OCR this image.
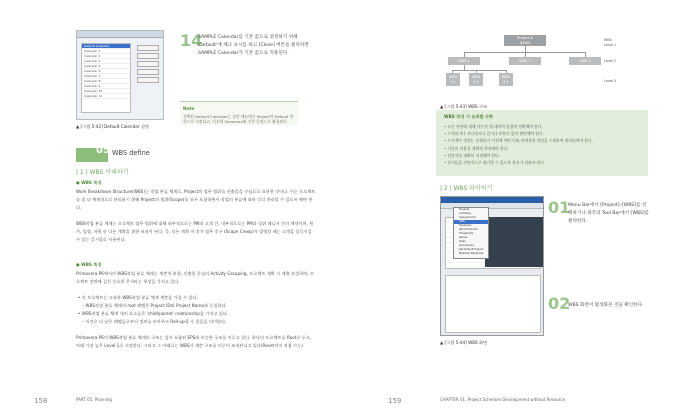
Default Calendar
Calendar 2
Calendar 3
Calendar 4
Calendar 5
Calendar 6
Calendar 7
Calendar 8
Calendar 9
Calendar 10
Calendar 11
▲ [그림 5-42] Default Calendar 설정
14
SAMPLE Calendar를 기본 값으로 설정하기 위해 'Default'에 체크 표시를 하고 [Close] 버튼을 클릭하면 SAMPLE Calendar가 기본 값으로 적용된다.
Note
선택된 Default Calendar는 상단 메뉴에서 Project의 Default 항목으로 지정되고, 이후에 Summary와 기본 일정으로 활용된다.
05 WBS define
| 1 | WBS 이해하기
● WBS 특성
Work Breakdown Structure(WBS)는 작업 분류 체계로, Project의 업무 범위를 산출물을 중심으로 표현한 것이다. 이는 프로젝트를 좀 더 체계적으로 관리하기 위해 Project의 범위(Scope)를 모두 포함하면서 작업의 분류에 따라 각각 관리할 수 있도록 해야 한다.
WBS작업 분류 체계는 프로젝트 업무 범위에 대해 외부적으로는 PM과 고객 간, 내부적으로는 PM과 상위 레니저 간의 계약이며, 원가, 일정, 자원 등 다른 계획을 위한 조직이 된다. 즉, 모든 계획 이 후가 업무 후구 (Scope Creep)가 발생할 때는 고객을 설득시킬 수 있는 증거물로 사용된다.
● WBS 특징
Primavera P6에서의 WBS작업 분류 체계는 계층적 분할, 산출물 중심의 Activity Grouping, 프로젝트 계획 시 제출 작성하여, 프로젝트 전반에 걸친 중요한 문서라는 특성을 가지고 있다.
• 각 프로젝트는 고유한 WBS작업 분류 체계 계층을 가질 수 있다.
– WBS작업 분류 체계의 root 레벨은 Project ID와 Project Name과 동일하다.
• WBS작업 분류 체계 내의 요소들은 'child/parent' relationship을 가지고 있다.
– 이것은 더 낮은 레벨들로부터 정보를 모아주고 Roll-up할 수 있음을 의미한다.
Primavera P6의 WBS작업 분류 체계의 구조는 앞서 포함된 EPS와 비슷한 구조를 이루고 있다. 하나의 프로젝트를 Root로 두고, 아래 가장 높은 Level 1로 지정한다. 그리고 그 아래로는 WBS가 계층 구조를 이루어 조직된다고 있다(Reset까지 직접 가능).
158	PART 05. Planning
Project A
A4WS
WBS 1	WBS 2	WBS 3
WBS
1.1
WBS
1.2
WBS
2.1
WBS
Level 1
Level 2
Level 3
▲ [그림 5-43] WBS 구조
WBS 작성 시 유의할 사항
• 모든 사항에 대해 다른지 에 대하여 일정에 정확해야 한다.
• 누적되거나 지나치거나 같거나 부분이 있어 판단해야 한다.
• 프로젝트 범위는 실행되기 이전에 어떤 이와 관계자의 의견을 수렴하여 합의되어야 한다.
• 기간과 비용을 정확히 측정해야 한다.
• 담당자를 명확히 지정해야 한다.
• 문서들을 전달적으로 평가할 수 있도록 관리가 쉬워야 한다.
| 2 | WBS 파악하기
Projects
Activities
Assignments
WBS
Expenses
Work Products
Thresholds
Issues
Risks
Summaries
Set Default Project
Maintain Baselines
▲ [그림 5-44] WBS 화면
01
Menu Bar에서 [Project]–[WBS]를 선택하거나 좌측의 Tool Bar에서 [WBS]를 클릭한다.
02
WBS 화면이 활성화된 것을 확인한다.
159	CHAPTER 01. Project Schedule Development without Resource
